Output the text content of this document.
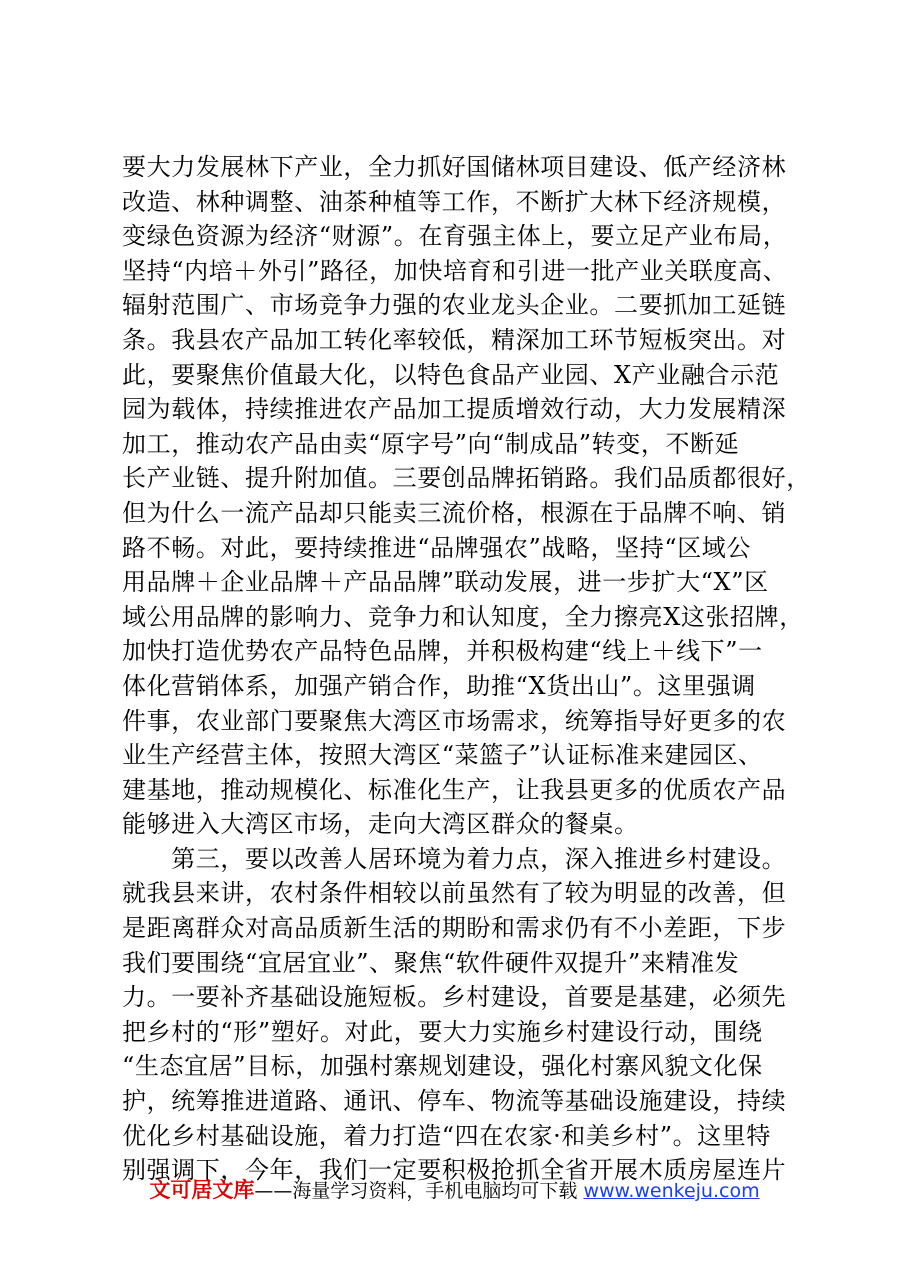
要大力发展林下产业，全力抓好国储林项目建设、低产经济林
改造、林种调整、油茶种植等工作，不断扩大林下经济规模，
变绿色资源为经济“财源”。在育强主体上，要立足产业布局，
坚持“内培＋外引”路径，加快培育和引进一批产业关联度高、
辐射范围广、市场竞争力强的农业龙头企业。二要抓加工延链
条。我县农产品加工转化率较低，精深加工环节短板突出。对
此，要聚焦价值最大化，以特色食品产业园、X产业融合示范
园为载体，持续推进农产品加工提质增效行动，大力发展精深
加工，推动农产品由卖“原字号”向“制成品”转变，不断延
长产业链、提升附加值。三要创品牌拓销路。我们品质都很好，
但为什么一流产品却只能卖三流价格，根源在于品牌不响、销
路不畅。对此，要持续推进“品牌强农”战略，坚持“区域公
用品牌＋企业品牌＋产品品牌”联动发展，进一步扩大“X”区
域公用品牌的影响力、竞争力和认知度，全力擦亮X这张招牌，
加快打造优势农产品特色品牌，并积极构建“线上＋线下”一
体化营销体系，加强产销合作，助推“X货出山”。这里强调
件事，农业部门要聚焦大湾区市场需求，统筹指导好更多的农
业生产经营主体，按照大湾区“菜篮子”认证标准来建园区、
建基地，推动规模化、标准化生产，让我县更多的优质农产品
能够进入大湾区市场，走向大湾区群众的餐桌。
　　第三，要以改善人居环境为着力点，深入推进乡村建设。
就我县来讲，农村条件相较以前虽然有了较为明显的改善，但
是距离群众对高品质新生活的期盼和需求仍有不小差距，下步
我们要围绕“宜居宜业”、聚焦“软件硬件双提升”来精准发
力。一要补齐基础设施短板。乡村建设，首要是基建，必须先
把乡村的“形”塑好。对此，要大力实施乡村建设行动，围绕
“生态宜居”目标，加强村寨规划建设，强化村寨风貌文化保
护，统筹推进道路、通讯、停车、物流等基础设施建设，持续
优化乡村基础设施，着力打造“四在农家·和美乡村”。这里特
别强调下，今年，我们一定要积极抢抓全省开展木质房屋连片
文可居文库——海量学习资料，手机电脑均可下载 www.wenkeju.com
